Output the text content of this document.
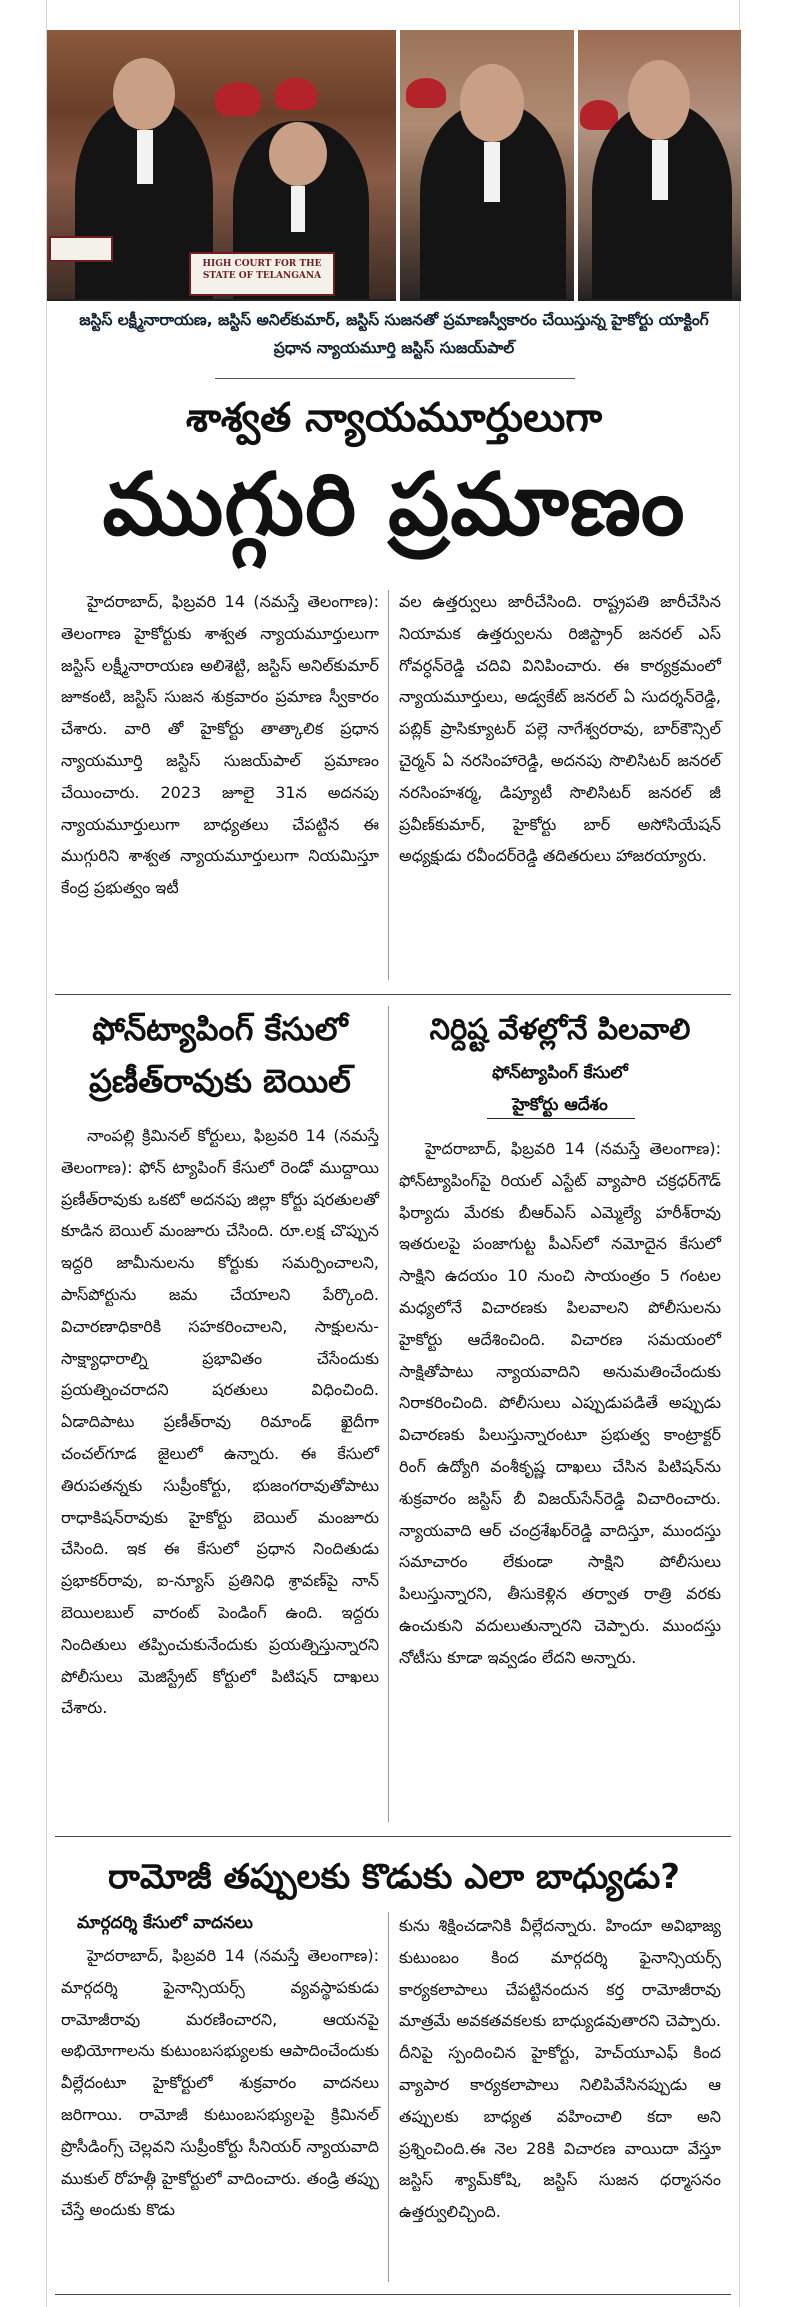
HIGH COURT FOR THE STATE OF TELANGANA
జస్టిస్ లక్ష్మీనారాయణ, జస్టిస్ అనిల్‌కుమార్, జస్టిస్ సుజనతో ప్రమాణస్వీకారం చేయిస్తున్న హైకోర్టు యాక్టింగ్ ప్రధాన న్యాయమూర్తి జస్టిస్ సుజయ్‌పాల్
శాశ్వత న్యాయమూర్తులుగా
ముగ్గురి ప్రమాణం

హైదరాబాద్, ఫిబ్రవరి 14 (నమస్తే తెలంగాణ): తెలంగాణ హైకోర్టుకు శాశ్వత న్యాయమూర్తులుగా జస్టిస్ లక్ష్మీనారాయణ అలిశెట్టి, జస్టిస్ అనిల్‌కుమార్ జూకంటి, జస్టిస్ సుజన శుక్రవారం ప్రమాణ స్వీకారం చేశారు. వారి తో హైకోర్టు తాత్కాలిక ప్రధాన న్యాయమూర్తి జస్టిస్ సుజయ్‌పాల్ ప్రమాణం చేయించారు. 2023 జూలై 31న అదనపు న్యాయమూర్తులుగా బాధ్యతలు చేపట్టిన ఈ ముగ్గురిని శాశ్వత న్యాయమూర్తులుగా నియమిస్తూ కేంద్ర ప్రభుత్వం ఇటీ

వల ఉత్తర్వులు జారీచేసింది. రాష్ట్రపతి జారీచేసిన నియామక ఉత్తర్వులను రిజిస్ట్రార్ జనరల్ ఎస్ గోవర్ధన్‌రెడ్డి చదివి వినిపించారు. ఈ కార్యక్రమంలో న్యాయమూర్తులు, అడ్వకేట్ జనరల్ ఏ సుదర్శన్‌రెడ్డి, పబ్లిక్ ప్రాసిక్యూటర్ పల్లె నాగేశ్వరరావు, బార్‌కౌన్సిల్ చైర్మన్ ఏ నరసింహారెడ్డి, అదనపు సొలిసిటర్ జనరల్ నరసింహశర్మ, డిప్యూటీ సొలిసిటర్ జనరల్ జీ ప్రవీణ్‌కుమార్, హైకోర్టు బార్ అసోసియేషన్ అధ్యక్షుడు రవీందర్‌రెడ్డి తదితరులు హాజరయ్యారు.

ఫోన్‌ట్యాపింగ్ కేసులో ప్రణీత్‌రావుకు బెయిల్

నాంపల్లి క్రిమినల్ కోర్టులు, ఫిబ్రవరి 14 (నమస్తే తెలంగాణ): ఫోన్ ట్యాపింగ్ కేసులో రెండో ముద్దాయి ప్రణీత్‌రావుకు ఒకటో అదనపు జిల్లా కోర్టు షరతులతో కూడిన బెయిల్ మంజూరు చేసింది. రూ.లక్ష చొప్పున ఇద్దరి జామీనులను కోర్టుకు సమర్పించాలని, పాస్‌పోర్టును జమ చేయాలని పేర్కొంది. విచారణాధికారికి సహకరించాలని, సాక్షులను-సాక్ష్యాధారాల్ని ప్రభావితం చేసేందుకు ప్రయత్నించరాదని షరతులు విధించింది. ఏడాదిపాటు ప్రణీత్‌రావు రిమాండ్ ఖైదీగా చంచల్‌గూడ జైలులో ఉన్నారు. ఈ కేసులో తిరుపతన్నకు సుప్రీంకోర్టు, భుజంగరావుతోపాటు రాధాకిషన్‌రావుకు హైకోర్టు బెయిల్ మంజూరు చేసింది. ఇక ఈ కేసులో ప్రధాన నిందితుడు ప్రభాకర్‌రావు, ఐ-న్యూస్ ప్రతినిధి శ్రావణ్‌పై నాన్ బెయిలబుల్ వారంట్ పెండింగ్ ఉంది. ఇద్దరు నిందితులు తప్పించుకునేందుకు ప్రయత్నిస్తున్నారని పోలీసులు మెజిస్ట్రేట్ కోర్టులో పిటిషన్ దాఖలు చేశారు.

నిర్దిష్ట వేళల్లోనే పిలవాలి
ఫోన్‌ట్యాపింగ్ కేసులో
హైకోర్టు ఆదేశం

హైదరాబాద్, ఫిబ్రవరి 14 (నమస్తే తెలంగాణ): ఫోన్‌ట్యాపింగ్‌పై రియల్ ఎస్టేట్ వ్యాపారి చక్రధర్‌గౌడ్ ఫిర్యాదు మేరకు బీఆర్‌ఎస్ ఎమ్మెల్యే హరీశ్‌రావు ఇతరులపై పంజాగుట్ట పీఎస్‌లో నమోదైన కేసులో సాక్షిని ఉదయం 10 నుంచి సాయంత్రం 5 గంటల మధ్యలోనే విచారణకు పిలవాలని పోలీసులను హైకోర్టు ఆదేశించింది. విచారణ సమయంలో సాక్షితోపాటు న్యాయవాదిని అనుమతించేందుకు నిరాకరించింది. పోలీసులు ఎప్పుడుపడితే అప్పుడు విచారణకు పిలుస్తున్నారంటూ ప్రభుత్వ కాంట్రాక్టర్ రింగ్ ఉద్యోగి వంశీకృష్ణ దాఖలు చేసిన పిటిషన్‌ను శుక్రవారం జస్టిస్ బీ విజయ్‌సేన్‌రెడ్డి విచారించారు. న్యాయవాది ఆర్ చంద్రశేఖర్‌రెడ్డి వాదిస్తూ, ముందస్తు సమాచారం లేకుండా సాక్షిని పోలీసులు పిలుస్తున్నారని, తీసుకెళ్లిన తర్వాత రాత్రి వరకు ఉంచుకుని వదులుతున్నారని చెప్పారు. ముందస్తు నోటీసు కూడా ఇవ్వడం లేదని అన్నారు.

రామోజీ తప్పులకు కొడుకు ఎలా బాధ్యుడు?
మార్గదర్శి కేసులో వాదనలు

హైదరాబాద్, ఫిబ్రవరి 14 (నమస్తే తెలంగాణ): మార్గదర్శి ఫైనాన్సియర్స్ వ్యవస్థాపకుడు రామోజీరావు మరణించారని, ఆయనపై అభియోగాలను కుటుంబసభ్యులకు ఆపాదించేందుకు వీల్లేదంటూ హైకోర్టులో శుక్రవారం వాదనలు జరిగాయి. రామోజీ కుటుంబసభ్యులపై క్రిమినల్ ప్రొసీడింగ్స్ చెల్లవని సుప్రీంకోర్టు సీనియర్ న్యాయవాది ముకుల్ రోహత్గీ హైకోర్టులో వాదించారు. తండ్రి తప్పు చేస్తే అందుకు కొడు

కును శిక్షించడానికి వీల్లేదన్నారు. హిందూ అవిభాజ్య కుటుంబం కింద మార్గదర్శి ఫైనాన్సియర్స్ కార్యకలాపాలు చేపట్టినందున కర్త రామోజీరావు మాత్రమే అవకతవకలకు బాధ్యుడవుతారని చెప్పారు. దీనిపై స్పందించిన హైకోర్టు, హెచ్‌యూఎఫ్ కింద వ్యాపార కార్యకలాపాలు నిలిపివేసినప్పుడు ఆ తప్పులకు బాధ్యత వహించాలి కదా అని ప్రశ్నించింది.ఈ నెల 28కి విచారణ వాయిదా వేస్తూ జస్టిస్ శ్యామ్‌కోషి, జస్టిస్ సుజన ధర్మాసనం ఉత్తర్వులిచ్చింది.
